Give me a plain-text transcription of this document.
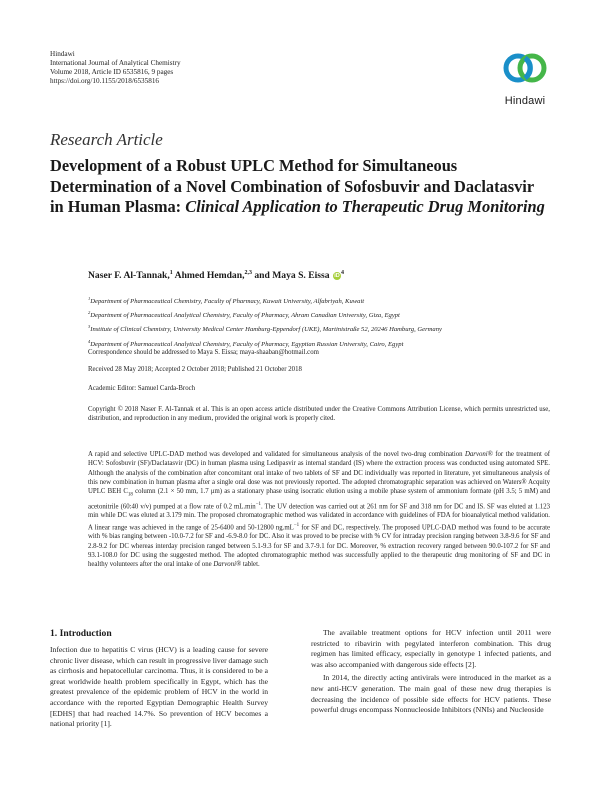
Hindawi
International Journal of Analytical Chemistry
Volume 2018, Article ID 6535816, 9 pages
https://doi.org/10.1155/2018/6535816
Hindawi
Research Article
Development of a Robust UPLC Method for Simultaneous Determination of a Novel Combination of Sofosbuvir and Daclatasvir in Human Plasma: Clinical Application to Therapeutic Drug Monitoring
Naser F. Al-Tannak,$^1$ Ahmed Hemdan,$^{2,3}$ and Maya S. Eissa $iD^4$
$^1$Department of Pharmaceutical Chemistry, Faculty of Pharmacy, Kuwait University, Alfabriyah, Kuwait
$^2$Department of Pharmaceutical Analytical Chemistry, Faculty of Pharmacy, Ahram Canadian University, Giza, Egypt
$^3$Institute of Clinical Chemistry, University Medical Center Hamburg-Eppendorf (UKE), Martinistraße 52, 20246 Hamburg, Germany
$^4$Department of Pharmaceutical Analytical Chemistry, Faculty of Pharmacy, Egyptian Russian University, Cairo, Egypt
Correspondence should be addressed to Maya S. Eissa; maya-shaaban@hotmail.com
Received 28 May 2018; Accepted 2 October 2018; Published 21 October 2018
Academic Editor: Samuel Carda-Broch
Copyright © 2018 Naser F. Al-Tannak et al. This is an open access article distributed under the Creative Commons Attribution License, which permits unrestricted use, distribution, and reproduction in any medium, provided the original work is properly cited.
A rapid and selective UPLC-DAD method was developed and validated for simultaneous analysis of the novel two-drug combination Darvoni® for the treatment of HCV: Sofosbuvir (SF)/Daclatasvir (DC) in human plasma using Ledipasvir as internal standard (IS) where the extraction process was conducted using automated SPE. Although the analysis of the combination after concomitant oral intake of two tablets of SF and DC individually was reported in literature, yet simultaneous analysis of this new combination in human plasma after a single oral dose was not previously reported. The adopted chromatographic separation was achieved on Waters® Acquity UPLC BEH $C_{18}$ column (2.1 × 50 mm, 1.7 μm) as a stationary phase using isocratic elution using a mobile phase system of ammonium formate (pH 3.5; 5 mM) and acetonitrile (60:40 v/v) pumped at a flow rate of 0.2 $mL.\min^{-1}$. The UV detection was carried out at 261 nm for SF and 318 nm for DC and IS. SF was eluted at 1.123 min while DC was eluted at 3.179 min. The proposed chromatographic method was validated in accordance with guidelines of FDA for bioanalytical method validation. A linear range was achieved in the range of 25-6400 and 50-12800 $ng.mL^{-1}$ for SF and DC, respectively. The proposed UPLC-DAD method was found to be accurate with % bias ranging between -10.0-7.2 for SF and -6.9-8.0 for DC. Also it was proved to be precise with % CV for intraday precision ranging between 3.8-9.6 for SF and 2.8-9.2 for DC whereas interday precision ranged between 5.1-9.3 for SF and 3.7-9.1 for DC. Moreover, % extraction recovery ranged between 90.0-107.2 for SF and 93.1-108.0 for DC using the suggested method. The adopted chromatographic method was successfully applied to the therapeutic drug monitoring of SF and DC in healthy volunteers after the oral intake of one Darvoni® tablet.
1. Introduction
Infection due to hepatitis C virus (HCV) is a leading cause for severe chronic liver disease, which can result in progressive liver damage such as cirrhosis and hepatocellular carcinoma. Thus, it is considered to be a great worldwide health problem specifically in Egypt, which has the greatest prevalence of the epidemic problem of HCV in the world in accordance with the reported Egyptian Demographic Health Survey [EDHS] that had reached 14.7%. So prevention of HCV becomes a national priority [1].

The available treatment options for HCV infection until 2011 were restricted to ribavirin with pegylated interferon combination. This drug regimen has limited efficacy, especially in genotype 1 infected patients, and was also accompanied with dangerous side effects [2].

In 2014, the directly acting antivirals were introduced in the market as a new anti-HCV generation. The main goal of these new drug therapies is decreasing the incidence of possible side effects for HCV patients. These powerful drugs encompass Nonnucleoside Inhibitors (NNIs) and Nucleoside
